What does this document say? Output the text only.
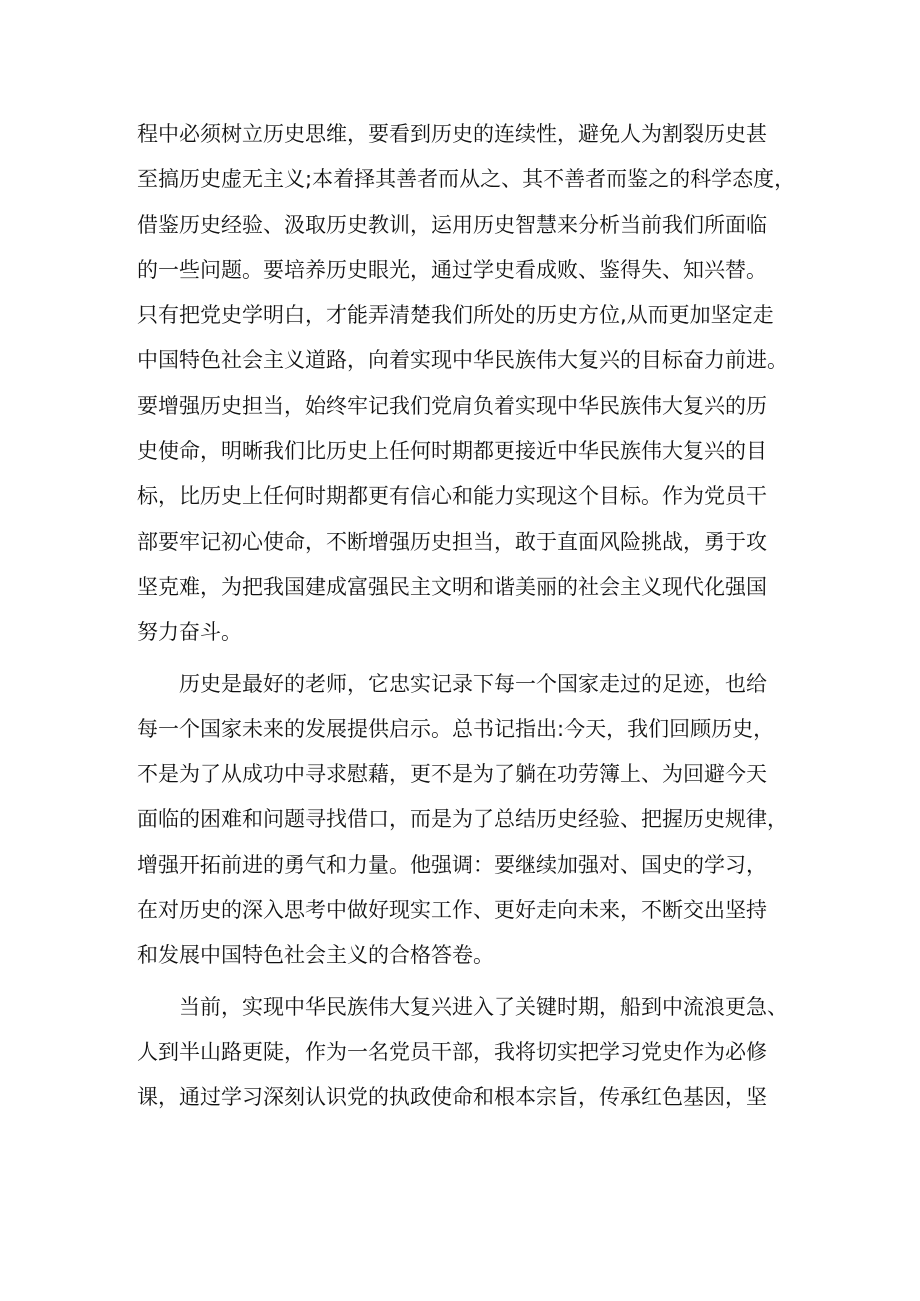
程中必须树立历史思维，要看到历史的连续性，避免人为割裂历史甚
至搞历史虚无主义;本着择其善者而从之、其不善者而鉴之的科学态度，
借鉴历史经验、汲取历史教训，运用历史智慧来分析当前我们所面临
的一些问题。要培养历史眼光，通过学史看成败、鉴得失、知兴替。
只有把党史学明白，才能弄清楚我们所处的历史方位,从而更加坚定走
中国特色社会主义道路，向着实现中华民族伟大复兴的目标奋力前进。
要增强历史担当，始终牢记我们党肩负着实现中华民族伟大复兴的历
史使命，明晰我们比历史上任何时期都更接近中华民族伟大复兴的目
标，比历史上任何时期都更有信心和能力实现这个目标。作为党员干
部要牢记初心使命，不断增强历史担当，敢于直面风险挑战，勇于攻
坚克难，为把我国建成富强民主文明和谐美丽的社会主义现代化强国
努力奋斗。
　　历史是最好的老师，它忠实记录下每一个国家走过的足迹，也给
每一个国家未来的发展提供启示。总书记指出:今天，我们回顾历史，
不是为了从成功中寻求慰藉，更不是为了躺在功劳簿上、为回避今天
面临的困难和问题寻找借口，而是为了总结历史经验、把握历史规律，
增强开拓前进的勇气和力量。他强调：要继续加强对、国史的学习，
在对历史的深入思考中做好现实工作、更好走向未来，不断交出坚持
和发展中国特色社会主义的合格答卷。
　　当前，实现中华民族伟大复兴进入了关键时期，船到中流浪更急、
人到半山路更陡，作为一名党员干部，我将切实把学习党史作为必修
课，通过学习深刻认识党的执政使命和根本宗旨，传承红色基因，坚
